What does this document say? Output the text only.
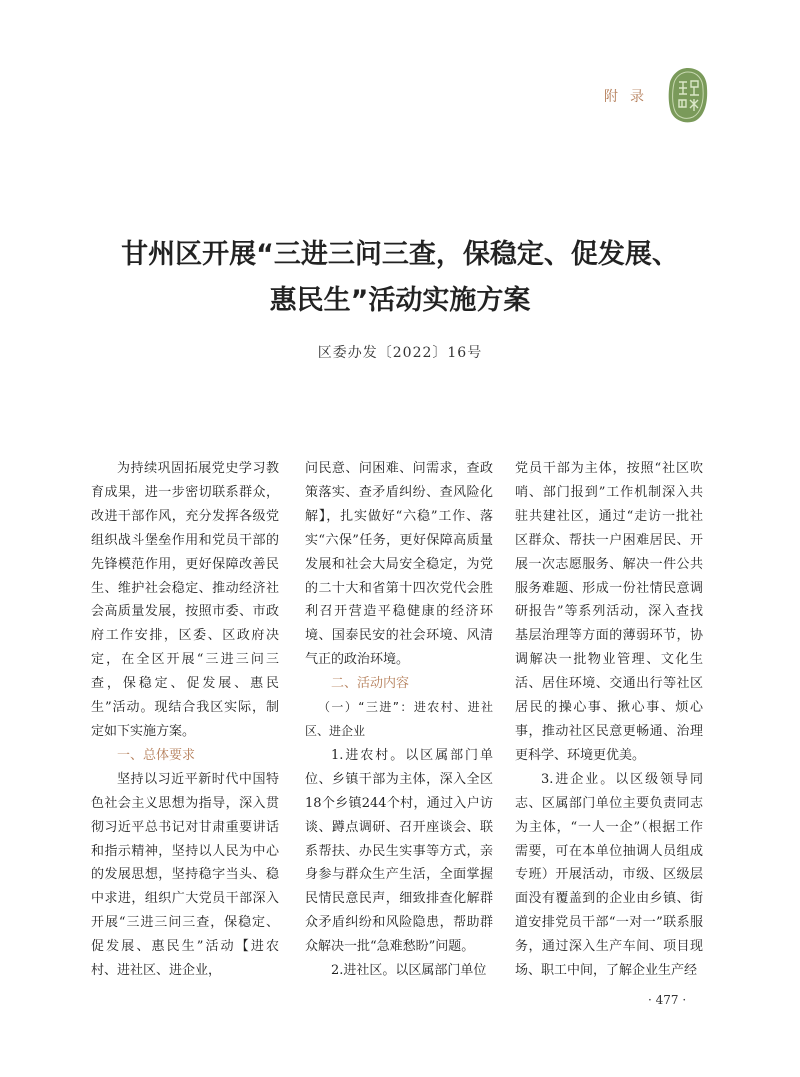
附录
甘州区开展“三进三问三查，保稳定、促发展、
惠民生”活动实施方案
区委办发〔2022〕16号

为持续巩固拓展党史学习教育成果，进一步密切联系群众，改进干部作风，充分发挥各级党组织战斗堡垒作用和党员干部的先锋模范作用，更好保障改善民生、维护社会稳定、推动经济社会高质量发展，按照市委、市政府工作安排，区委、区政府决定，在全区开展“三进三问三查，保稳定、促发展、惠民生”活动。现结合我区实际，制定如下实施方案。

一、总体要求

坚持以习近平新时代中国特色社会主义思想为指导，深入贯彻习近平总书记对甘肃重要讲话和指示精神，坚持以人民为中心的发展思想，坚持稳字当头、稳中求进，组织广大党员干部深入开展“三进三问三查，保稳定、促发展、惠民生”活动【进农村、进社区、进企业，

问民意、问困难、问需求，查政策落实、查矛盾纠纷、查风险化解】，扎实做好“六稳”工作、落实“六保”任务，更好保障高质量发展和社会大局安全稳定，为党的二十大和省第十四次党代会胜利召开营造平稳健康的经济环境、国泰民安的社会环境、风清气正的政治环境。

二、活动内容

（一）“三进”：进农村、进社区、进企业

1.进农村。以区属部门单位、乡镇干部为主体，深入全区18个乡镇244个村，通过入户访谈、蹲点调研、召开座谈会、联系帮扶、办民生实事等方式，亲身参与群众生产生活，全面掌握民情民意民声，细致排查化解群众矛盾纠纷和风险隐患，帮助群众解决一批“急难愁盼”问题。

2.进社区。以区属部门单位

党员干部为主体，按照“社区吹哨、部门报到”工作机制深入共驻共建社区，通过“走访一批社区群众、帮扶一户困难居民、开展一次志愿服务、解决一件公共服务难题、形成一份社情民意调研报告”等系列活动，深入查找基层治理等方面的薄弱环节，协调解决一批物业管理、文化生活、居住环境、交通出行等社区居民的操心事、揪心事、烦心事，推动社区民意更畅通、治理更科学、环境更优美。

3.进企业。以区级领导同志、区属部门单位主要负责同志为主体，“一人一企”（根据工作需要，可在本单位抽调人员组成专班）开展活动，市级、区级层面没有覆盖到的企业由乡镇、街道安排党员干部“一对一”联系服务，通过深入生产车间、项目现场、职工中间，了解企业生产经

· 477 ·
